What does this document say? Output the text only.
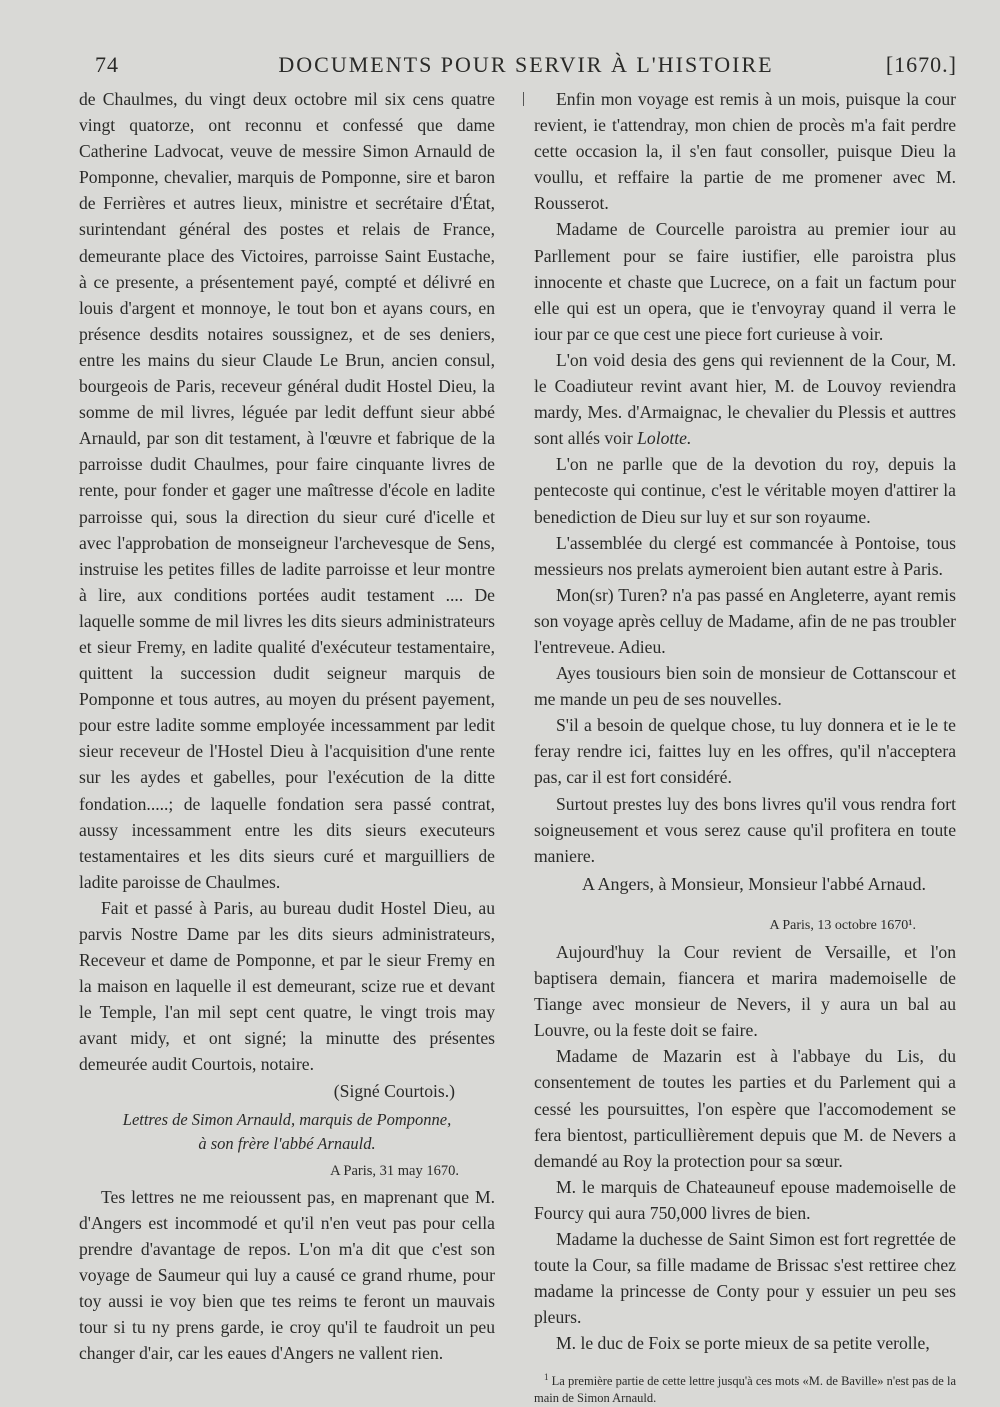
74	DOCUMENTS POUR SERVIR À L'HISTOIRE	[1670.]

de Chaulmes, du vingt deux octobre mil six cens quatre vingt quatorze, ont reconnu et confessé que dame Catherine Ladvocat, veuve de messire Simon Arnauld de Pomponne, chevalier, marquis de Pomponne, sire et baron de Ferrières et autres lieux, ministre et secrétaire d'État, surintendant général des postes et relais de France, demeurante place des Victoires, parroisse Saint Eustache, à ce presente, a présentement payé, compté et délivré en louis d'argent et monnoye, le tout bon et ayans cours, en présence desdits notaires soussignez, et de ses deniers, entre les mains du sieur Claude Le Brun, ancien consul, bourgeois de Paris, receveur général dudit Hostel Dieu, la somme de mil livres, léguée par ledit deffunt sieur abbé Arnauld, par son dit testament, à l'œuvre et fabrique de la parroisse dudit Chaulmes, pour faire cinquante livres de rente, pour fonder et gager une maîtresse d'école en ladite parroisse qui, sous la direction du sieur curé d'icelle et avec l'approbation de monseigneur l'archevesque de Sens, instruise les petites filles de ladite parroisse et leur montre à lire, aux conditions portées audit testament .... De laquelle somme de mil livres les dits sieurs administrateurs et sieur Fremy, en ladite qualité d'exécuteur testamentaire, quittent la succession dudit seigneur marquis de Pomponne et tous autres, au moyen du présent payement, pour estre ladite somme employée incessamment par ledit sieur receveur de l'Hostel Dieu à l'acquisition d'une rente sur les aydes et gabelles, pour l'exécution de la ditte fondation.....; de laquelle fondation sera passé contrat, aussy incessamment entre les dits sieurs executeurs testamentaires et les dits sieurs curé et marguilliers de ladite paroisse de Chaulmes.

Fait et passé à Paris, au bureau dudit Hostel Dieu, au parvis Nostre Dame par les dits sieurs administrateurs, Receveur et dame de Pomponne, et par le sieur Fremy en la maison en laquelle il est demeurant, scize rue et devant le Temple, l'an mil sept cent quatre, le vingt trois may avant midy, et ont signé; la minutte des présentes demeurée audit Courtois, notaire.

(Signé Courtois.)

Lettres de Simon Arnauld, marquis de Pomponne,
à son frère l'abbé Arnauld.

A Paris, 31 may 1670.

Tes lettres ne me reioussent pas, en maprenant que M. d'Angers est incommodé et qu'il n'en veut pas pour cella prendre d'avantage de repos. L'on m'a dit que c'est son voyage de Saumeur qui luy a causé ce grand rhume, pour toy aussi ie voy bien que tes reims te feront un mauvais tour si tu ny prens garde, ie croy qu'il te faudroit un peu changer d'air, car les eaues d'Angers ne vallent rien.

Enfin mon voyage est remis à un mois, puisque la cour revient, ie t'attendray, mon chien de procès m'a fait perdre cette occasion la, il s'en faut consoller, puisque Dieu la voullu, et reffaire la partie de me promener avec M. Rousserot.

Madame de Courcelle paroistra au premier iour au Parllement pour se faire iustifier, elle paroistra plus innocente et chaste que Lucrece, on a fait un factum pour elle qui est un opera, que ie t'envoyray quand il verra le iour par ce que cest une piece fort curieuse à voir.

L'on void desia des gens qui reviennent de la Cour, M. le Coadiuteur revint avant hier, M. de Louvoy reviendra mardy, Mes. d'Armaignac, le chevalier du Plessis et auttres sont allés voir Lolotte.

L'on ne parlle que de la devotion du roy, depuis la pentecoste qui continue, c'est le véritable moyen d'attirer la benediction de Dieu sur luy et sur son royaume.

L'assemblée du clergé est commancée à Pontoise, tous messieurs nos prelats aymeroient bien autant estre à Paris.

Mon(sr) Turen? n'a pas passé en Angleterre, ayant remis son voyage après celluy de Madame, afin de ne pas troubler l'entreveue. Adieu.

Ayes tousiours bien soin de monsieur de Cottanscour et me mande un peu de ses nouvelles.

S'il a besoin de quelque chose, tu luy donnera et ie le te feray rendre ici, faittes luy en les offres, qu'il n'acceptera pas, car il est fort considéré.

Surtout prestes luy des bons livres qu'il vous rendra fort soigneusement et vous serez cause qu'il profitera en toute maniere.

A Angers, à Monsieur, Monsieur l'abbé Arnaud.

A Paris, 13 octobre 1670¹.

Aujourd'huy la Cour revient de Versaille, et l'on baptisera demain, fiancera et marira mademoiselle de Tiange avec monsieur de Nevers, il y aura un bal au Louvre, ou la feste doit se faire.

Madame de Mazarin est à l'abbaye du Lis, du consentement de toutes les parties et du Parlement qui a cessé les poursuittes, l'on espère que l'accomodement se fera bientost, particullièrement depuis que M. de Nevers a demandé au Roy la protection pour sa sœur.

M. le marquis de Chateauneuf epouse mademoiselle de Fourcy qui aura 750,000 livres de bien.

Madame la duchesse de Saint Simon est fort regrettée de toute la Cour, sa fille madame de Brissac s'est rettiree chez madame la princesse de Conty pour y essuier un peu ses pleurs.

M. le duc de Foix se porte mieux de sa petite verolle,

$^1$ La première partie de cette lettre jusqu'à ces mots «M. de Baville» n'est pas de la main de Simon Arnauld.
